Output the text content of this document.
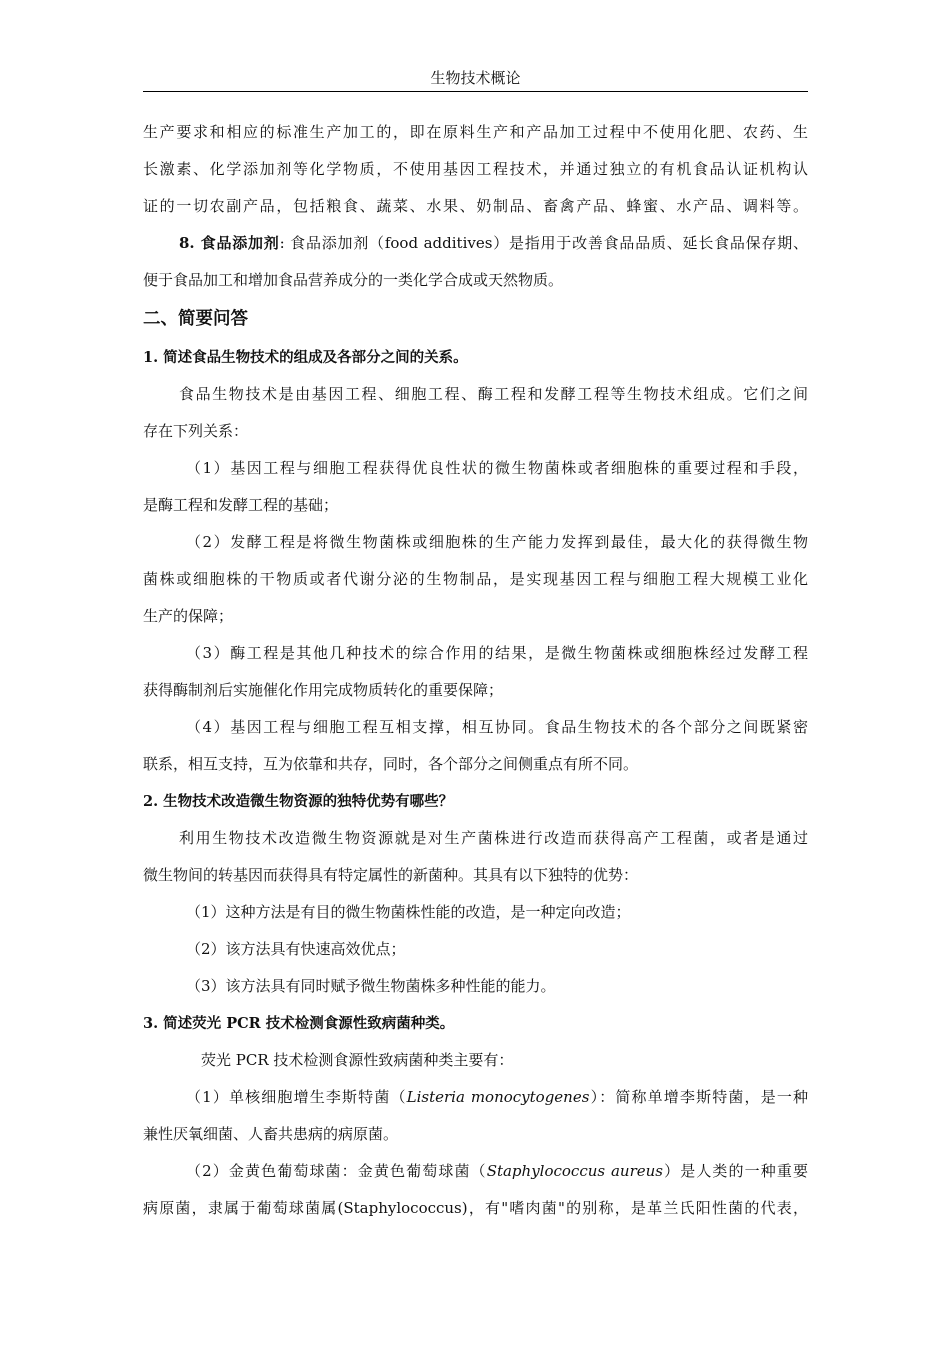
生物技术概论
生产要求和相应的标准生产加工的，即在原料生产和产品加工过程中不使用化肥、农药、生
长激素、化学添加剂等化学物质，不使用基因工程技术，并通过独立的有机食品认证机构认
证的一切农副产品，包括粮食、蔬菜、水果、奶制品、畜禽产品、蜂蜜、水产品、调料等。
8. 食品添加剂: 食品添加剂（food additives）是指用于改善食品品质、延长食品保存期、
便于食品加工和增加食品营养成分的一类化学合成或天然物质。
二、简要问答
1. 简述食品生物技术的组成及各部分之间的关系。
食品生物技术是由基因工程、细胞工程、酶工程和发酵工程等生物技术组成。它们之间
存在下列关系：
（1）基因工程与细胞工程获得优良性状的微生物菌株或者细胞株的重要过程和手段，
是酶工程和发酵工程的基础；
（2）发酵工程是将微生物菌株或细胞株的生产能力发挥到最佳，最大化的获得微生物
菌株或细胞株的干物质或者代谢分泌的生物制品，是实现基因工程与细胞工程大规模工业化
生产的保障；
（3）酶工程是其他几种技术的综合作用的结果，是微生物菌株或细胞株经过发酵工程
获得酶制剂后实施催化作用完成物质转化的重要保障；
（4）基因工程与细胞工程互相支撑，相互协同。食品生物技术的各个部分之间既紧密
联系，相互支持，互为依靠和共存，同时，各个部分之间侧重点有所不同。
2. 生物技术改造微生物资源的独特优势有哪些？
利用生物技术改造微生物资源就是对生产菌株进行改造而获得高产工程菌，或者是通过
微生物间的转基因而获得具有特定属性的新菌种。其具有以下独特的优势：
（1）这种方法是有目的微生物菌株性能的改造，是一种定向改造；
（2）该方法具有快速高效优点；
（3）该方法具有同时赋予微生物菌株多种性能的能力。
3. 简述荧光 PCR 技术检测食源性致病菌种类。
荧光 PCR 技术检测食源性致病菌种类主要有：
（1）单核细胞增生李斯特菌（Listeria monocytogenes）：简称单增李斯特菌，是一种
兼性厌氧细菌、人畜共患病的病原菌。
（2）金黄色葡萄球菌：金黄色葡萄球菌（Staphylococcus aureus）是人类的一种重要
病原菌，隶属于葡萄球菌属(Staphylococcus)，有"嗜肉菌"的别称，是革兰氏阳性菌的代表，
